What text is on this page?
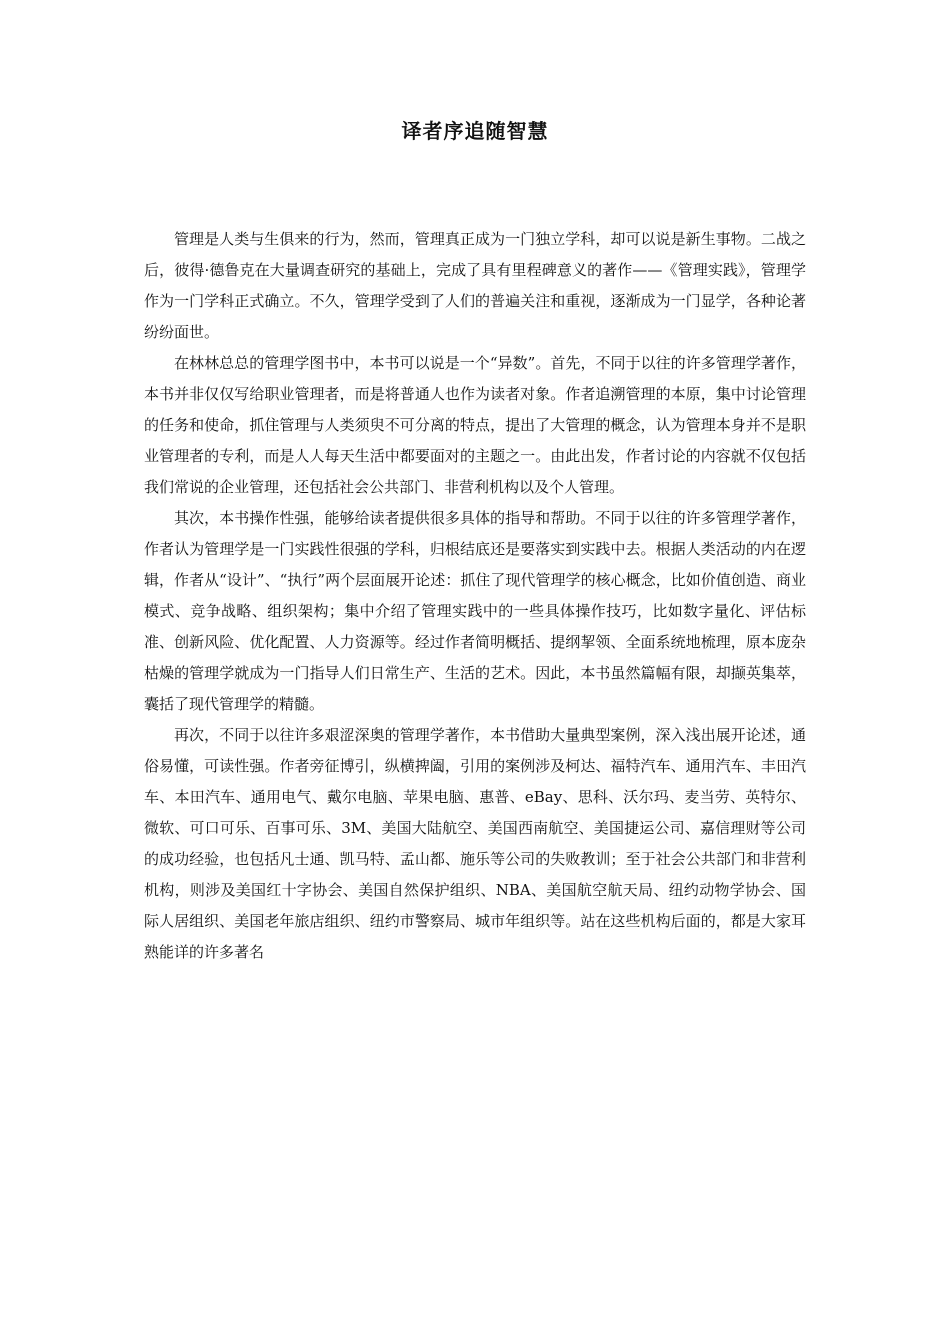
译者序追随智慧

管理是人类与生俱来的行为，然而，管理真正成为一门独立学科，却可以说是新生事物。二战之后，彼得·德鲁克在大量调查研究的基础上，完成了具有里程碑意义的著作——《管理实践》，管理学作为一门学科正式确立。不久，管理学受到了人们的普遍关注和重视，逐渐成为一门显学，各种论著纷纷面世。

在林林总总的管理学图书中，本书可以说是一个“异数”。首先，不同于以往的许多管理学著作，本书并非仅仅写给职业管理者，而是将普通人也作为读者对象。作者追溯管理的本原，集中讨论管理的任务和使命，抓住管理与人类须臾不可分离的特点，提出了大管理的概念，认为管理本身并不是职业管理者的专利，而是人人每天生活中都要面对的主题之一。由此出发，作者讨论的内容就不仅包括我们常说的企业管理，还包括社会公共部门、非营利机构以及个人管理。

其次，本书操作性强，能够给读者提供很多具体的指导和帮助。不同于以往的许多管理学著作，作者认为管理学是一门实践性很强的学科，归根结底还是要落实到实践中去。根据人类活动的内在逻辑，作者从“设计”、“执行”两个层面展开论述：抓住了现代管理学的核心概念，比如价值创造、商业模式、竞争战略、组织架构；集中介绍了管理实践中的一些具体操作技巧，比如数字量化、评估标准、创新风险、优化配置、人力资源等。经过作者简明概括、提纲挈领、全面系统地梳理，原本庞杂枯燥的管理学就成为一门指导人们日常生产、生活的艺术。因此，本书虽然篇幅有限，却撷英集萃，囊括了现代管理学的精髓。

再次，不同于以往许多艰涩深奥的管理学著作，本书借助大量典型案例，深入浅出展开论述，通俗易懂，可读性强。作者旁征博引，纵横捭阖，引用的案例涉及柯达、福特汽车、通用汽车、丰田汽车、本田汽车、通用电气、戴尔电脑、苹果电脑、惠普、eBay、思科、沃尔玛、麦当劳、英特尔、微软、可口可乐、百事可乐、3M、美国大陆航空、美国西南航空、美国捷运公司、嘉信理财等公司的成功经验，也包括凡士通、凯马特、孟山都、施乐等公司的失败教训；至于社会公共部门和非营利机构，则涉及美国红十字协会、美国自然保护组织、NBA、美国航空航天局、纽约动物学协会、国际人居组织、美国老年旅店组织、纽约市警察局、城市年组织等。站在这些机构后面的，都是大家耳熟能详的许多著名
